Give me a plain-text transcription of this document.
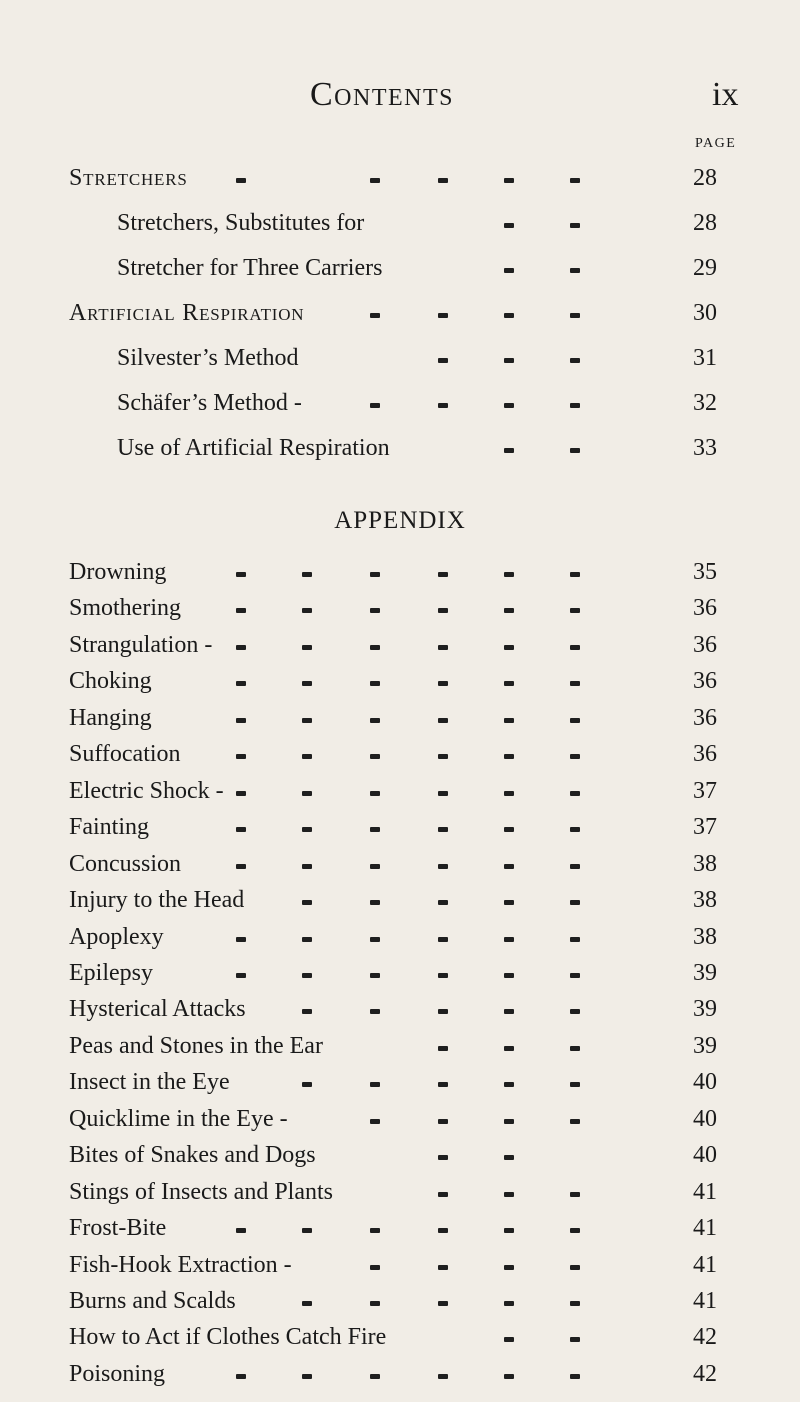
Contents	ix
PAGE
Stretchers	28
Stretchers, Substitutes for	28
Stretcher for Three Carriers	29
Artificial Respiration	30
Silvester’s Method	31
Schäfer’s Method -	32
Use of Artificial Respiration	33
APPENDIX
Drowning	35
Smothering	36
Strangulation -	36
Choking	36
Hanging	36
Suffocation	36
Electric Shock -	37
Fainting	37
Concussion	38
Injury to the Head	38
Apoplexy	38
Epilepsy	39
Hysterical Attacks	39
Peas and Stones in the Ear	39
Insect in the Eye	40
Quicklime in the Eye -	40
Bites of Snakes and Dogs	40
Stings of Insects and Plants	41
Frost-Bite	41
Fish-Hook Extraction -	41
Burns and Scalds	41
How to Act if Clothes Catch Fire	42
Poisoning	42
